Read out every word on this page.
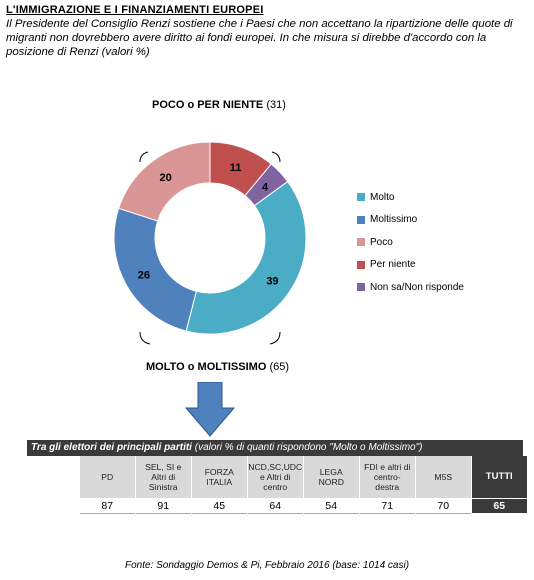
L'IMMIGRAZIONE E I FINANZIAMENTI EUROPEI

Il Presidente del Consiglio Renzi sostiene che i Paesi che non accettano la ripartizione delle quote di migranti non dovrebbero avere diritto ai fondi europei. In che misura si direbbe d'accordo con la posizione di Renzi (valori %)

POCO o PER NIENTE (31)
11
4
39
26
20
MOLTO o MOLTISSIMO (65)
Molto
Moltissimo
Poco
Per niente
Non sa/Non risponde
Tra gli elettori dei principali partiti (valori % di quanti rispondono "Molto o Moltissimo")
PD
87
SEL, SI e
Altri di
Sinistra
91
FORZA
ITALIA
45
NCD,SC,UDC
e Altri di
centro
64
LEGA
NORD
54
FDI e altri di
centro-
destra
71
M5S
70
TUTTI
65
Fonte: Sondaggio Demos & Pi, Febbraio 2016 (base: 1014 casi)
